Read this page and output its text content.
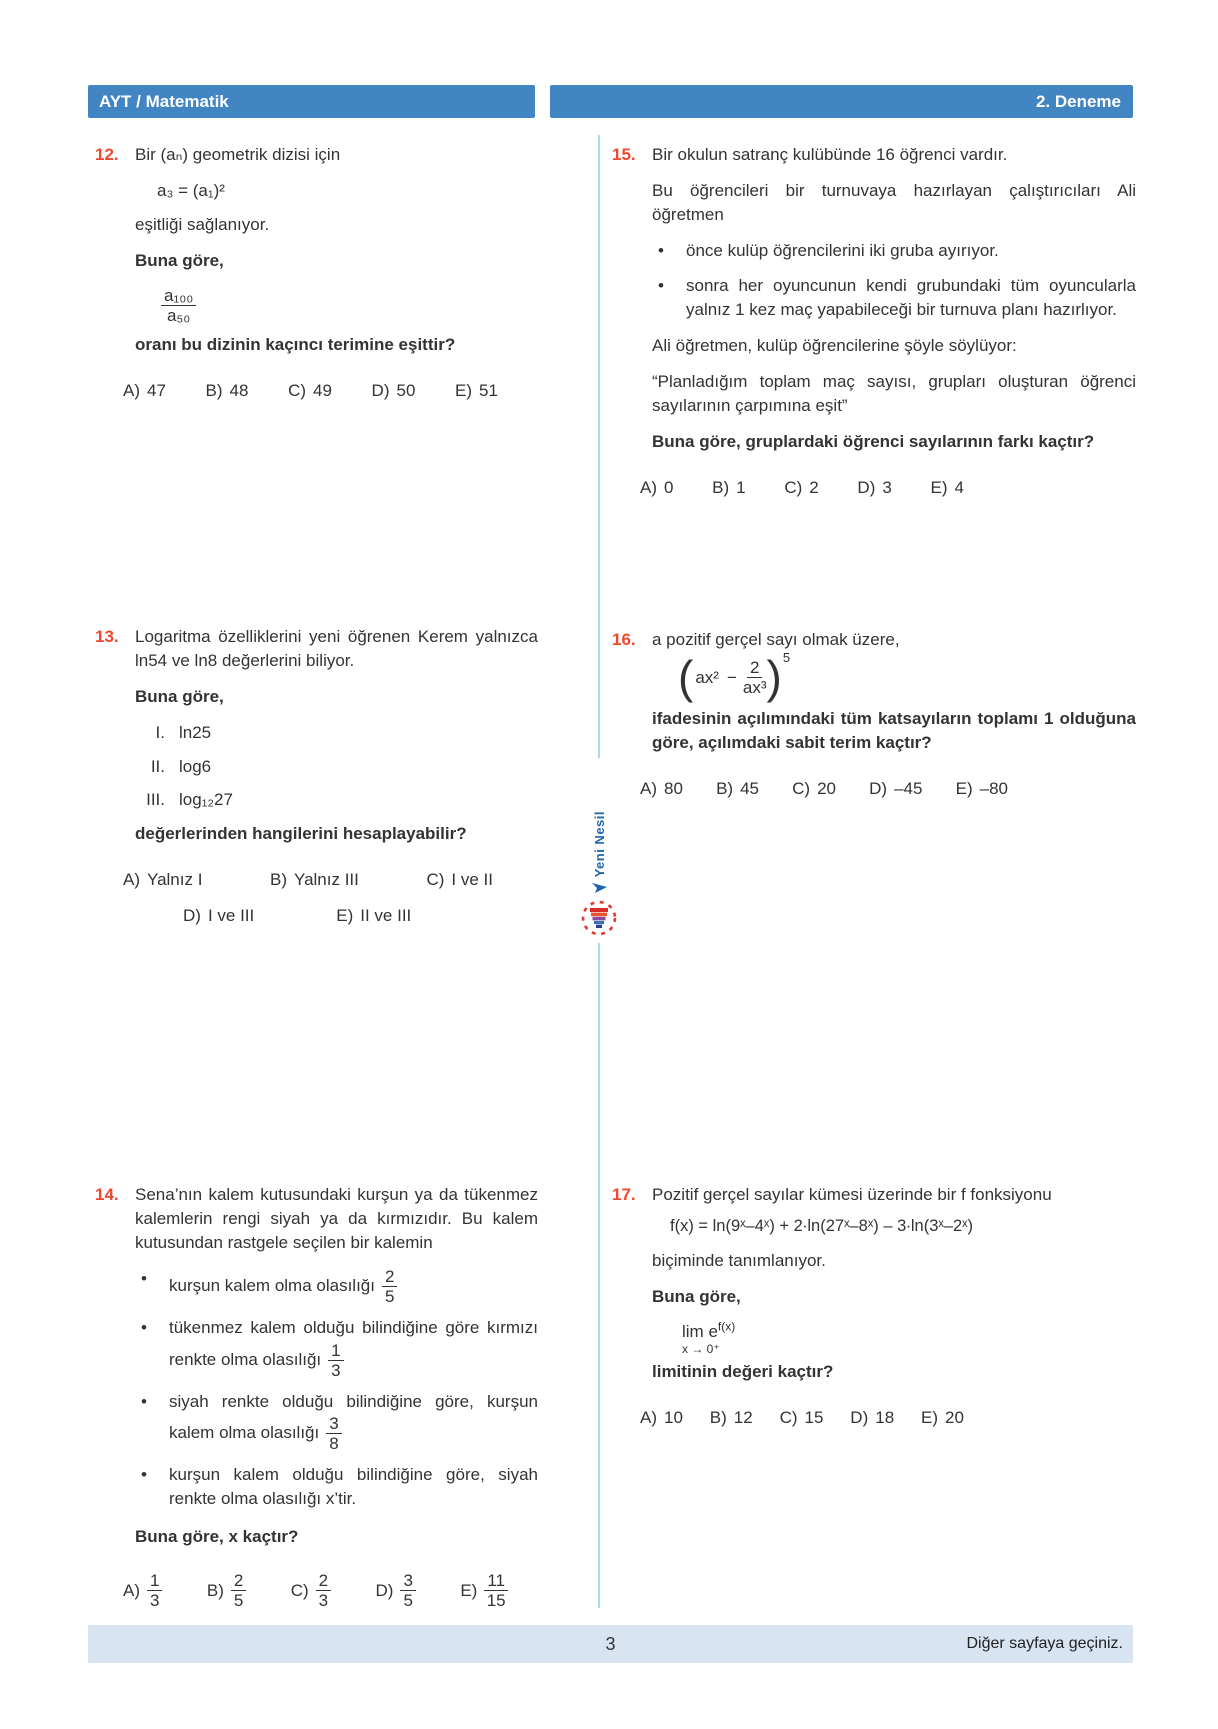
AYT / Matematik	2. Deneme
Yeni Nesil
12. Bir (aₙ) geometrik dizisi için

a₃ = (a₁)²

eşitliği sağlanıyor.

Buna göre,

$\frac{\text{a₁₀₀}}{\text{a₅₀}}$

oranı bu dizinin kaçıncı terimine eşittir?

A) 47 B) 48 C) 49 D) 50 E) 51
13. Logaritma özelliklerini yeni öğrenen Kerem yalnızca ln54 ve ln8 değerlerini biliyor.

Buna göre,

I. ln25
II. log6
III. log₁₂27

değerlerinden hangilerini hesaplayabilir?

A) Yalnız I	B) Yalnız III	C) I ve II
D) I ve III	E) II ve III
14. Sena’nın kalem kutusundaki kurşun ya da tükenmez kalemlerin rengi siyah ya da kırmızıdır. Bu kalem kutusundan rastgele seçilen bir kalemin

•	kurşun kalem olma olasılığı $\frac{2}{5}$
•	tükenmez kalem olduğu bilindiğine göre kırmızı renkte olma olasılığı $\frac{1}{3}$
•	siyah renkte olduğu bilindiğine göre, kurşun kalem olma olasılığı $\frac{3}{8}$
•	kurşun kalem olduğu bilindiğine göre, siyah renkte olma olasılığı x’tir.

Buna göre, x kaçtır?

A) 1
3
B) 2
5
C) 2
3
D) 3
5
E) 11
15
15. Bir okulun satranç kulübünde 16 öğrenci vardır.

Bu öğrencileri bir turnuvaya hazırlayan çalıştırıcıları Ali öğretmen

•	önce kulüp öğrencilerini iki gruba ayırıyor.
•	sonra her oyuncunun kendi grubundaki tüm oyuncularla yalnız 1 kez maç yapabileceği bir turnuva planı hazırlıyor.

Ali öğretmen, kulüp öğrencilerine şöyle söylüyor:

“Planladığım toplam maç sayısı, grupları oluşturan öğrenci sayılarının çarpımına eşit”

Buna göre, gruplardaki öğrenci sayılarının farkı kaçtır?

A) 0 B) 1 C) 2 D) 3 E) 4
16. a pozitif gerçel sayı olmak üzere,

( $ax^2 - \frac{2}{\text{ax³}}$ ) 5

ifadesinin açılımındaki tüm katsayıların toplamı 1 olduğuna göre, açılımdaki sabit terim kaçtır?

A) 80 B) 45 C) 20 D) –45 E) –80
17. Pozitif gerçel sayılar kümesi üzerinde bir f fonksiyonu

f(x) = ln(9ˣ–4ˣ) + 2∙ln(27ˣ–8ˣ) – 3∙ln(3ˣ–2ˣ)

biçiminde tanımlanıyor.

Buna göre,

$\lim e^{f(x)}$
x → 0⁺

limitinin değeri kaçtır?

A) 10 B) 12 C) 15 D) 18 E) 20
3	Diğer sayfaya geçiniz.
